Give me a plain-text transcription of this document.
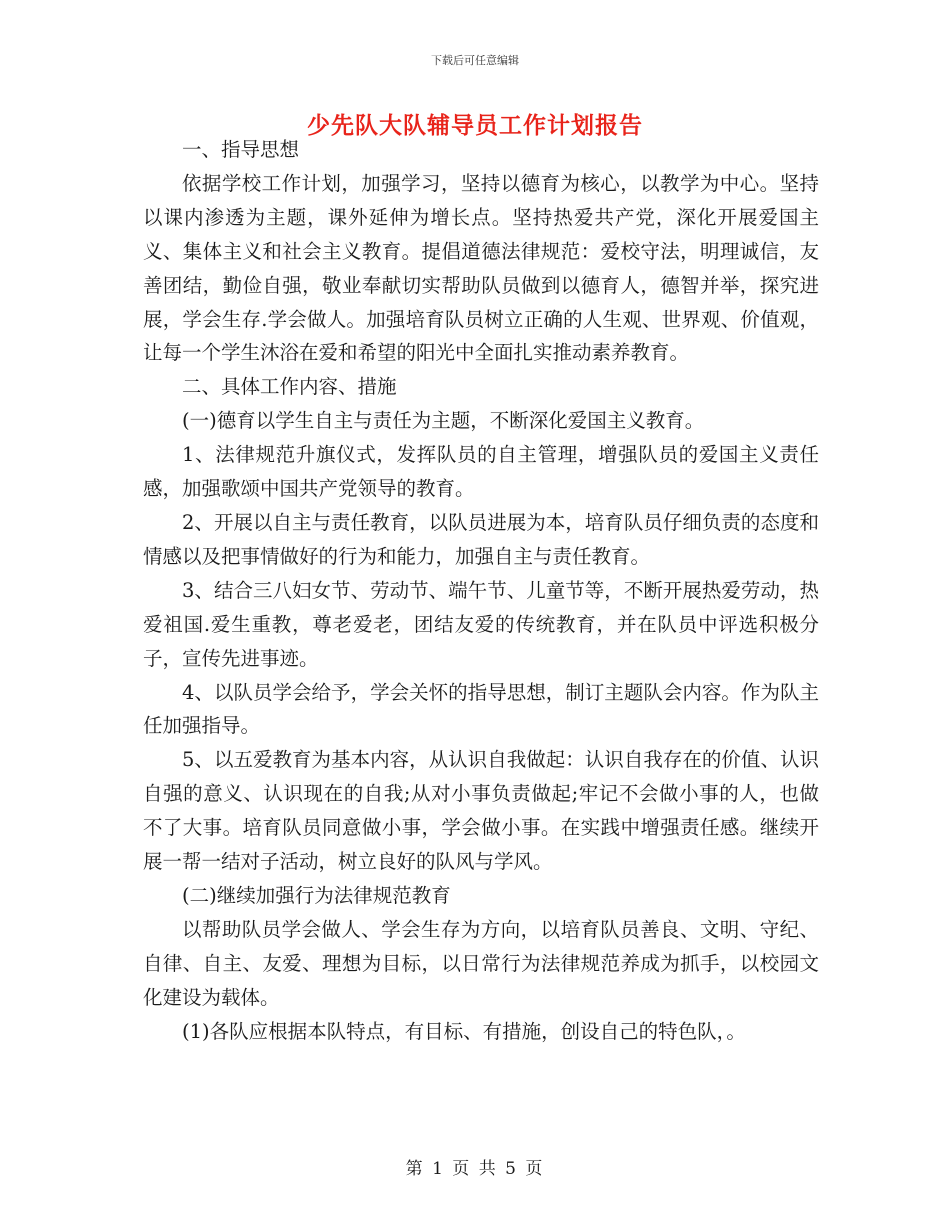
下载后可任意编辑
少先队大队辅导员工作计划报告

一、指导思想

依据学校工作计划，加强学习，坚持以德育为核心，以教学为中心。坚持以课内渗透为主题，课外延伸为增长点。坚持热爱共产党，深化开展爱国主义、集体主义和社会主义教育。提倡道德法律规范：爱校守法，明理诚信，友善团结，勤俭自强，敬业奉献切实帮助队员做到以德育人，德智并举，探究进展，学会生存.学会做人。加强培育队员树立正确的人生观、世界观、价值观，让每一个学生沐浴在爱和希望的阳光中全面扎实推动素养教育。

二、具体工作内容、措施

(一)德育以学生自主与责任为主题，不断深化爱国主义教育。

1、法律规范升旗仪式，发挥队员的自主管理，增强队员的爱国主义责任感，加强歌颂中国共产党领导的教育。

2、开展以自主与责任教育，以队员进展为本，培育队员仔细负责的态度和情感以及把事情做好的行为和能力，加强自主与责任教育。

3、结合三八妇女节、劳动节、端午节、儿童节等，不断开展热爱劳动，热爱祖国.爱生重教，尊老爱老，团结友爱的传统教育，并在队员中评选积极分子，宣传先进事迹。

4、以队员学会给予，学会关怀的指导思想，制订主题队会内容。作为队主任加强指导。

5、以五爱教育为基本内容，从认识自我做起：认识自我存在的价值、认识自强的意义、认识现在的自我;从对小事负责做起;牢记不会做小事的人，也做不了大事。培育队员同意做小事，学会做小事。在实践中增强责任感。继续开展一帮一结对子活动，树立良好的队风与学风。

(二)继续加强行为法律规范教育

以帮助队员学会做人、学会生存为方向，以培育队员善良、文明、守纪、自律、自主、友爱、理想为目标，以日常行为法律规范养成为抓手，以校园文化建设为载体。

(1)各队应根据本队特点，有目标、有措施，创设自己的特色队，。

第 1 页 共 5 页
